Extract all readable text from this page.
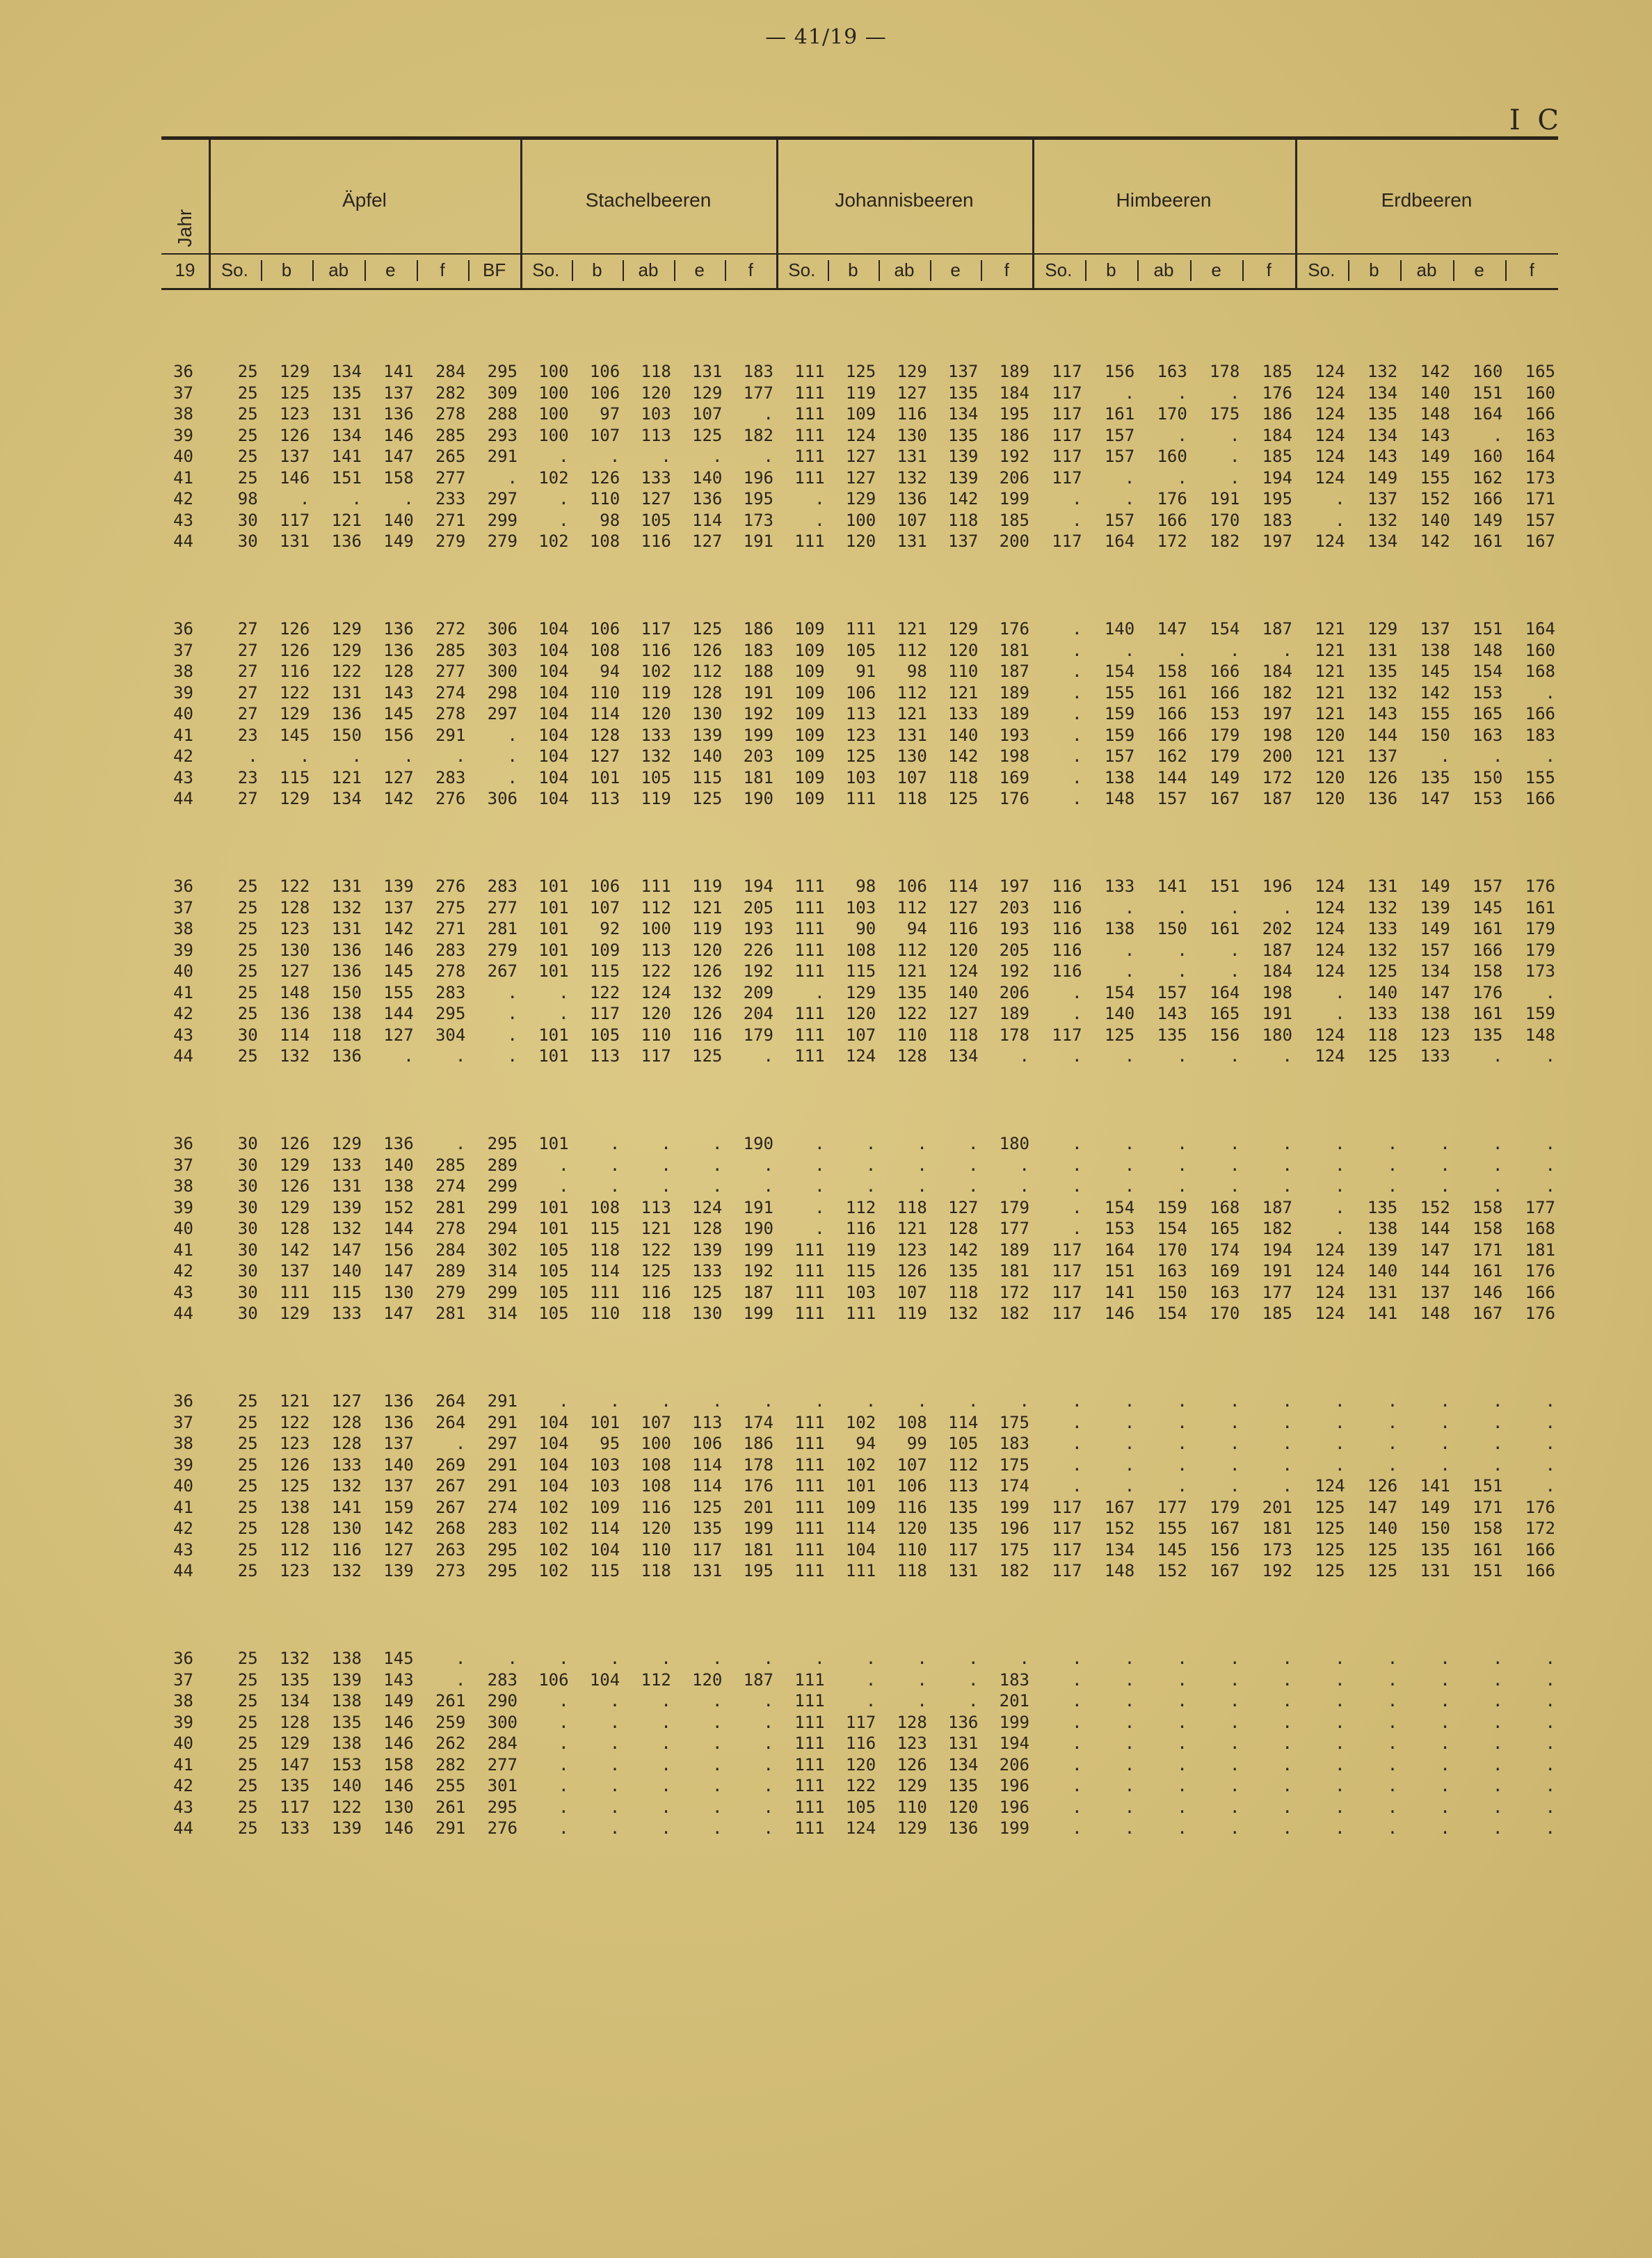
— 41/19 —
I C
Jahr
19
Äpfel	Stachelbeeren	Johannisbeeren	Himbeeren	Erdbeeren
So.	b	ab	e	f	BF	So.	b	ab	e	f	So.	b	ab	e	f	So.	b	ab	e	f	So.	b	ab	e	f
36	25	129	134	141	284	295	100	106	118	131	183	111	125	129	137	189	117	156	163	178	185	124	132	142	160	165
37	25	125	135	137	282	309	100	106	120	129	177	111	119	127	135	184	117	.	.	.	176	124	134	140	151	160
38	25	123	131	136	278	288	100	97	103	107	.	111	109	116	134	195	117	161	170	175	186	124	135	148	164	166
39	25	126	134	146	285	293	100	107	113	125	182	111	124	130	135	186	117	157	.	.	184	124	134	143	.	163
40	25	137	141	147	265	291	.	.	.	.	.	111	127	131	139	192	117	157	160	.	185	124	143	149	160	164
41	25	146	151	158	277	.	102	126	133	140	196	111	127	132	139	206	117	.	.	.	194	124	149	155	162	173
42	98	.	.	.	233	297	.	110	127	136	195	.	129	136	142	199	.	.	176	191	195	.	137	152	166	171
43	30	117	121	140	271	299	.	98	105	114	173	.	100	107	118	185	.	157	166	170	183	.	132	140	149	157
44	30	131	136	149	279	279	102	108	116	127	191	111	120	131	137	200	117	164	172	182	197	124	134	142	161	167
36	27	126	129	136	272	306	104	106	117	125	186	109	111	121	129	176	.	140	147	154	187	121	129	137	151	164
37	27	126	129	136	285	303	104	108	116	126	183	109	105	112	120	181	.	.	.	.	.	121	131	138	148	160
38	27	116	122	128	277	300	104	94	102	112	188	109	91	98	110	187	.	154	158	166	184	121	135	145	154	168
39	27	122	131	143	274	298	104	110	119	128	191	109	106	112	121	189	.	155	161	166	182	121	132	142	153	.
40	27	129	136	145	278	297	104	114	120	130	192	109	113	121	133	189	.	159	166	153	197	121	143	155	165	166
41	23	145	150	156	291	.	104	128	133	139	199	109	123	131	140	193	.	159	166	179	198	120	144	150	163	183
42	.	.	.	.	.	.	104	127	132	140	203	109	125	130	142	198	.	157	162	179	200	121	137	.	.	.
43	23	115	121	127	283	.	104	101	105	115	181	109	103	107	118	169	.	138	144	149	172	120	126	135	150	155
44	27	129	134	142	276	306	104	113	119	125	190	109	111	118	125	176	.	148	157	167	187	120	136	147	153	166
36	25	122	131	139	276	283	101	106	111	119	194	111	98	106	114	197	116	133	141	151	196	124	131	149	157	176
37	25	128	132	137	275	277	101	107	112	121	205	111	103	112	127	203	116	.	.	.	.	124	132	139	145	161
38	25	123	131	142	271	281	101	92	100	119	193	111	90	94	116	193	116	138	150	161	202	124	133	149	161	179
39	25	130	136	146	283	279	101	109	113	120	226	111	108	112	120	205	116	.	.	.	187	124	132	157	166	179
40	25	127	136	145	278	267	101	115	122	126	192	111	115	121	124	192	116	.	.	.	184	124	125	134	158	173
41	25	148	150	155	283	.	.	122	124	132	209	.	129	135	140	206	.	154	157	164	198	.	140	147	176	.
42	25	136	138	144	295	.	.	117	120	126	204	111	120	122	127	189	.	140	143	165	191	.	133	138	161	159
43	30	114	118	127	304	.	101	105	110	116	179	111	107	110	118	178	117	125	135	156	180	124	118	123	135	148
44	25	132	136	.	.	.	101	113	117	125	.	111	124	128	134	.	.	.	.	.	.	124	125	133	.	.
36	30	126	129	136	.	295	101	.	.	.	190	.	.	.	.	180	.	.	.	.	.	.	.	.	.	.
37	30	129	133	140	285	289	.	.	.	.	.	.	.	.	.	.	.	.	.	.	.	.	.	.	.	.
38	30	126	131	138	274	299	.	.	.	.	.	.	.	.	.	.	.	.	.	.	.	.	.	.	.	.
39	30	129	139	152	281	299	101	108	113	124	191	.	112	118	127	179	.	154	159	168	187	.	135	152	158	177
40	30	128	132	144	278	294	101	115	121	128	190	.	116	121	128	177	.	153	154	165	182	.	138	144	158	168
41	30	142	147	156	284	302	105	118	122	139	199	111	119	123	142	189	117	164	170	174	194	124	139	147	171	181
42	30	137	140	147	289	314	105	114	125	133	192	111	115	126	135	181	117	151	163	169	191	124	140	144	161	176
43	30	111	115	130	279	299	105	111	116	125	187	111	103	107	118	172	117	141	150	163	177	124	131	137	146	166
44	30	129	133	147	281	314	105	110	118	130	199	111	111	119	132	182	117	146	154	170	185	124	141	148	167	176
36	25	121	127	136	264	291	.	.	.	.	.	.	.	.	.	.	.	.	.	.	.	.	.	.	.	.
37	25	122	128	136	264	291	104	101	107	113	174	111	102	108	114	175	.	.	.	.	.	.	.	.	.	.
38	25	123	128	137	.	297	104	95	100	106	186	111	94	99	105	183	.	.	.	.	.	.	.	.	.	.
39	25	126	133	140	269	291	104	103	108	114	178	111	102	107	112	175	.	.	.	.	.	.	.	.	.	.
40	25	125	132	137	267	291	104	103	108	114	176	111	101	106	113	174	.	.	.	.	.	124	126	141	151	.
41	25	138	141	159	267	274	102	109	116	125	201	111	109	116	135	199	117	167	177	179	201	125	147	149	171	176
42	25	128	130	142	268	283	102	114	120	135	199	111	114	120	135	196	117	152	155	167	181	125	140	150	158	172
43	25	112	116	127	263	295	102	104	110	117	181	111	104	110	117	175	117	134	145	156	173	125	125	135	161	166
44	25	123	132	139	273	295	102	115	118	131	195	111	111	118	131	182	117	148	152	167	192	125	125	131	151	166
36	25	132	138	145	.	.	.	.	.	.	.	.	.	.	.	.	.	.	.	.	.	.	.	.	.	.
37	25	135	139	143	.	283	106	104	112	120	187	111	.	.	.	183	.	.	.	.	.	.	.	.	.	.
38	25	134	138	149	261	290	.	.	.	.	.	111	.	.	.	201	.	.	.	.	.	.	.	.	.	.
39	25	128	135	146	259	300	.	.	.	.	.	111	117	128	136	199	.	.	.	.	.	.	.	.	.	.
40	25	129	138	146	262	284	.	.	.	.	.	111	116	123	131	194	.	.	.	.	.	.	.	.	.	.
41	25	147	153	158	282	277	.	.	.	.	.	111	120	126	134	206	.	.	.	.	.	.	.	.	.	.
42	25	135	140	146	255	301	.	.	.	.	.	111	122	129	135	196	.	.	.	.	.	.	.	.	.	.
43	25	117	122	130	261	295	.	.	.	.	.	111	105	110	120	196	.	.	.	.	.	.	.	.	.	.
44	25	133	139	146	291	276	.	.	.	.	.	111	124	129	136	199	.	.	.	.	.	.	.	.	.	.
